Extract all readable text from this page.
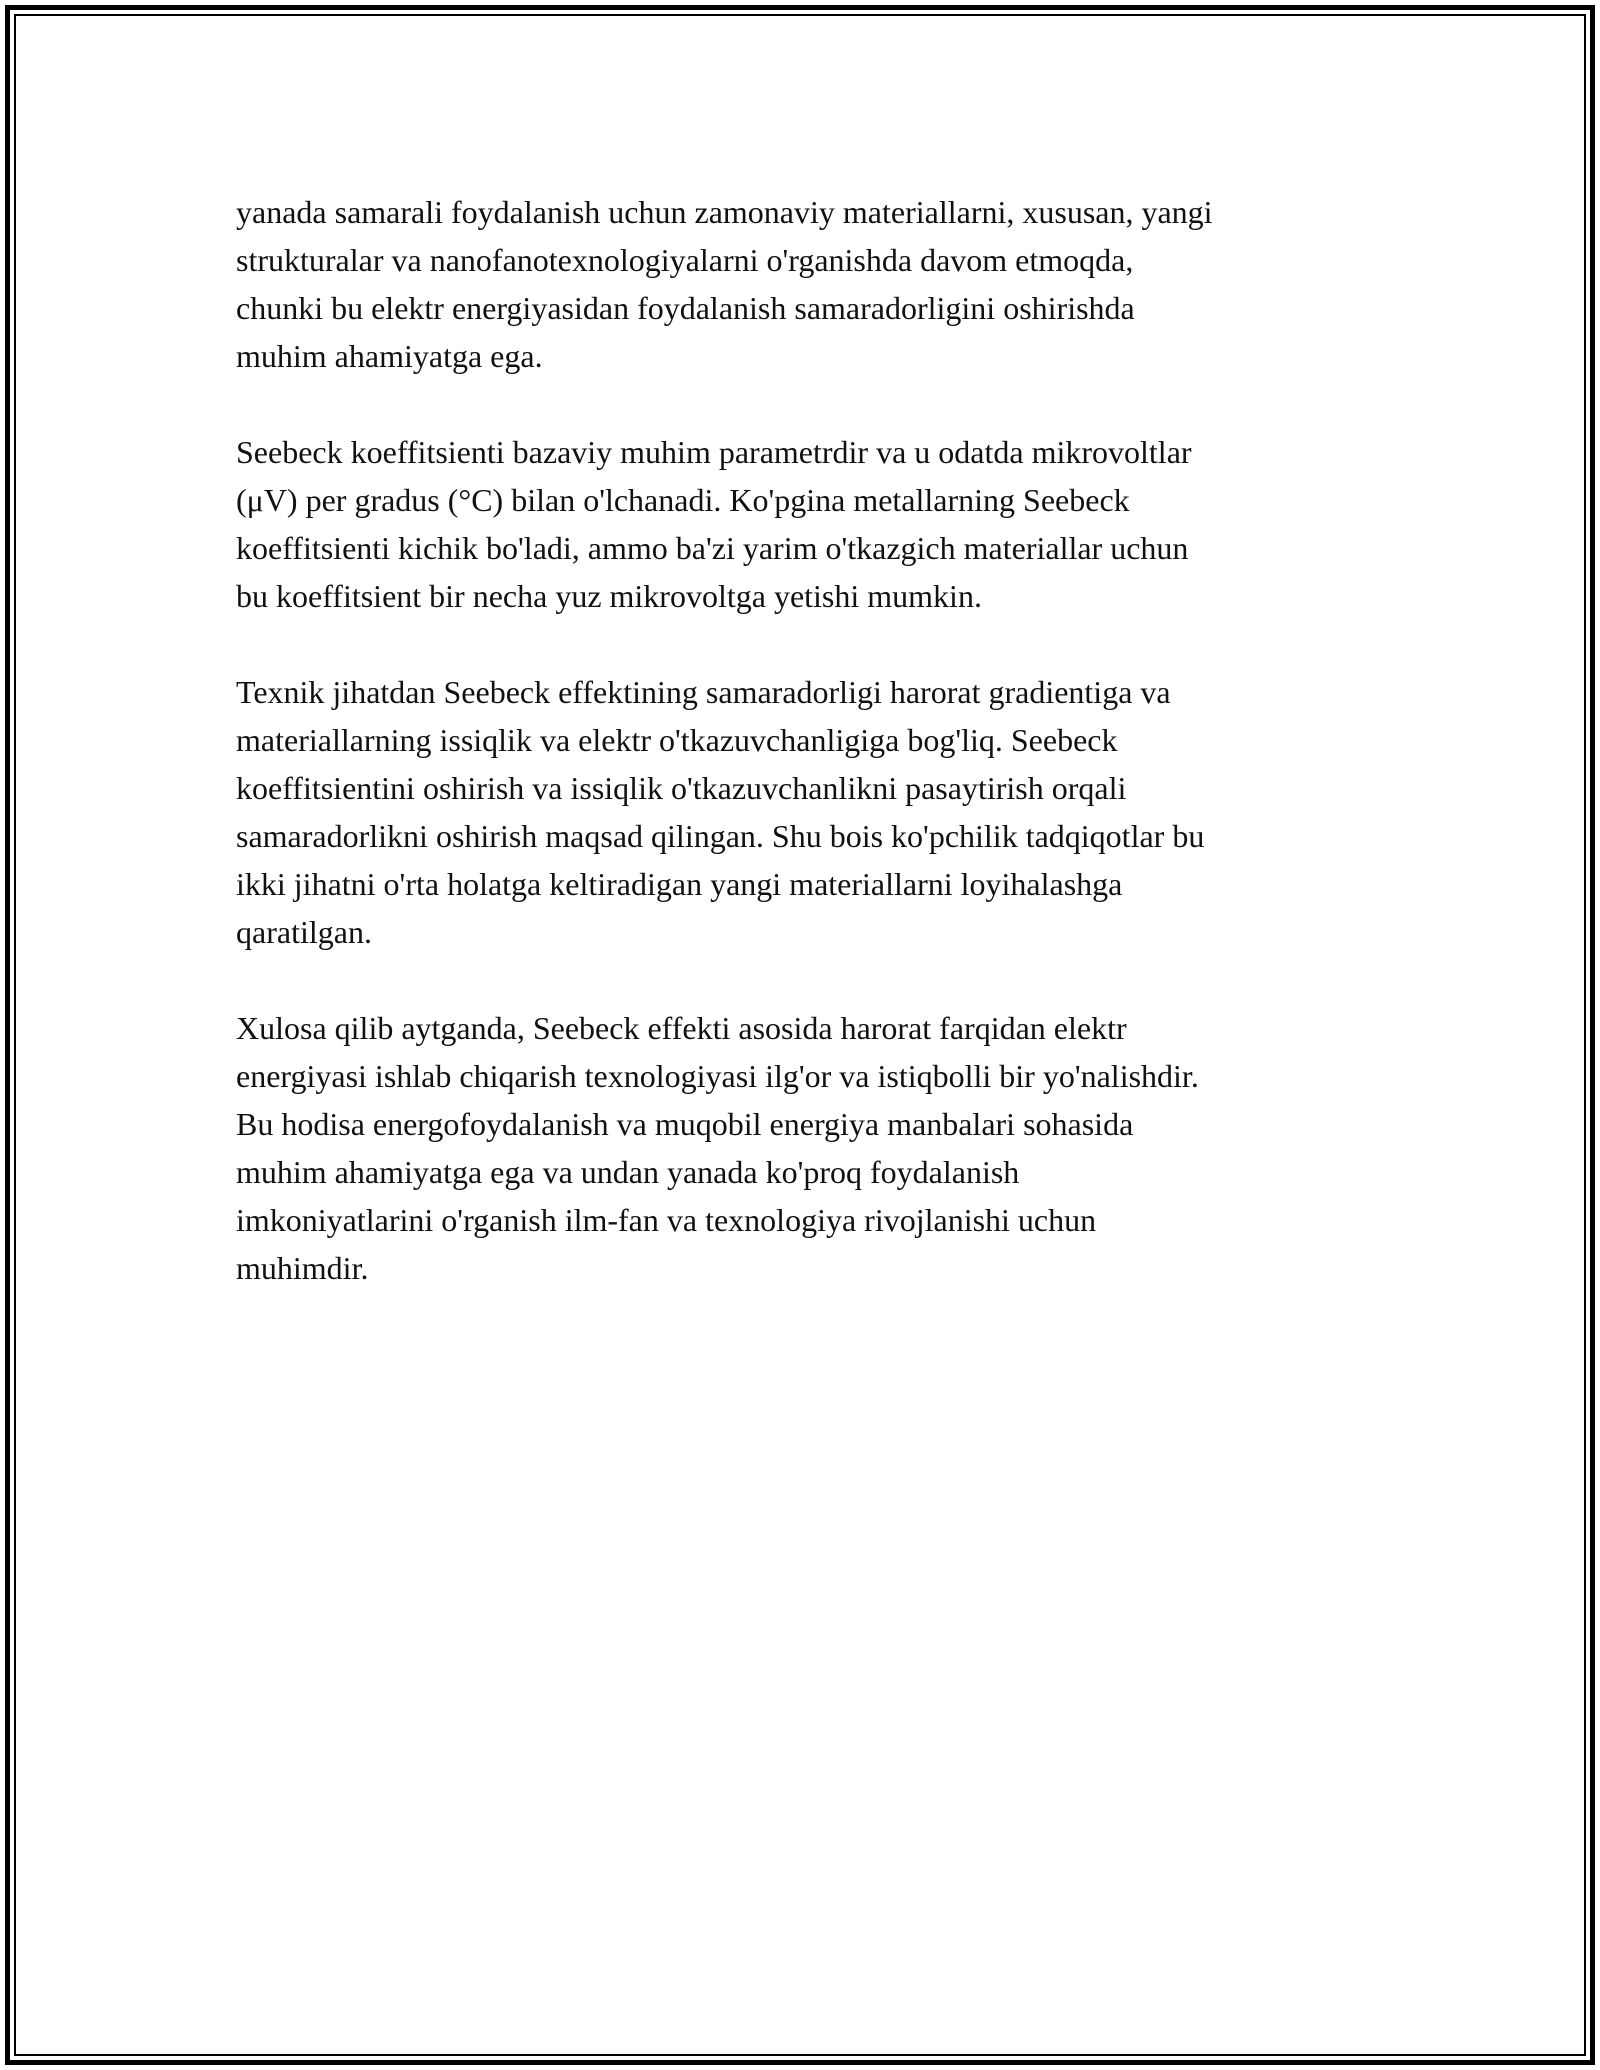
yanada samarali foydalanish uchun zamonaviy materiallarni, xususan, yangi
strukturalar va nanofanotexnologiyalarni o'rganishda davom etmoqda,
chunki bu elektr energiyasidan foydalanish samaradorligini oshirishda
muhim ahamiyatga ega.

Seebeck koeffitsienti bazaviy muhim parametrdir va u odatda mikrovoltlar
(μV) per gradus (°C) bilan o'lchanadi. Ko'pgina metallarning Seebeck
koeffitsienti kichik bo'ladi, ammo ba'zi yarim o'tkazgich materiallar uchun
bu koeffitsient bir necha yuz mikrovoltga yetishi mumkin.

Texnik jihatdan Seebeck effektining samaradorligi harorat gradientiga va
materiallarning issiqlik va elektr o'tkazuvchanligiga bog'liq. Seebeck
koeffitsientini oshirish va issiqlik o'tkazuvchanlikni pasaytirish orqali
samaradorlikni oshirish maqsad qilingan. Shu bois ko'pchilik tadqiqotlar bu
ikki jihatni o'rta holatga keltiradigan yangi materiallarni loyihalashga
qaratilgan.

Xulosa qilib aytganda, Seebeck effekti asosida harorat farqidan elektr
energiyasi ishlab chiqarish texnologiyasi ilg'or va istiqbolli bir yo'nalishdir.
Bu hodisa energofoydalanish va muqobil energiya manbalari sohasida
muhim ahamiyatga ega va undan yanada ko'proq foydalanish
imkoniyatlarini o'rganish ilm-fan va texnologiya rivojlanishi uchun
muhimdir.
